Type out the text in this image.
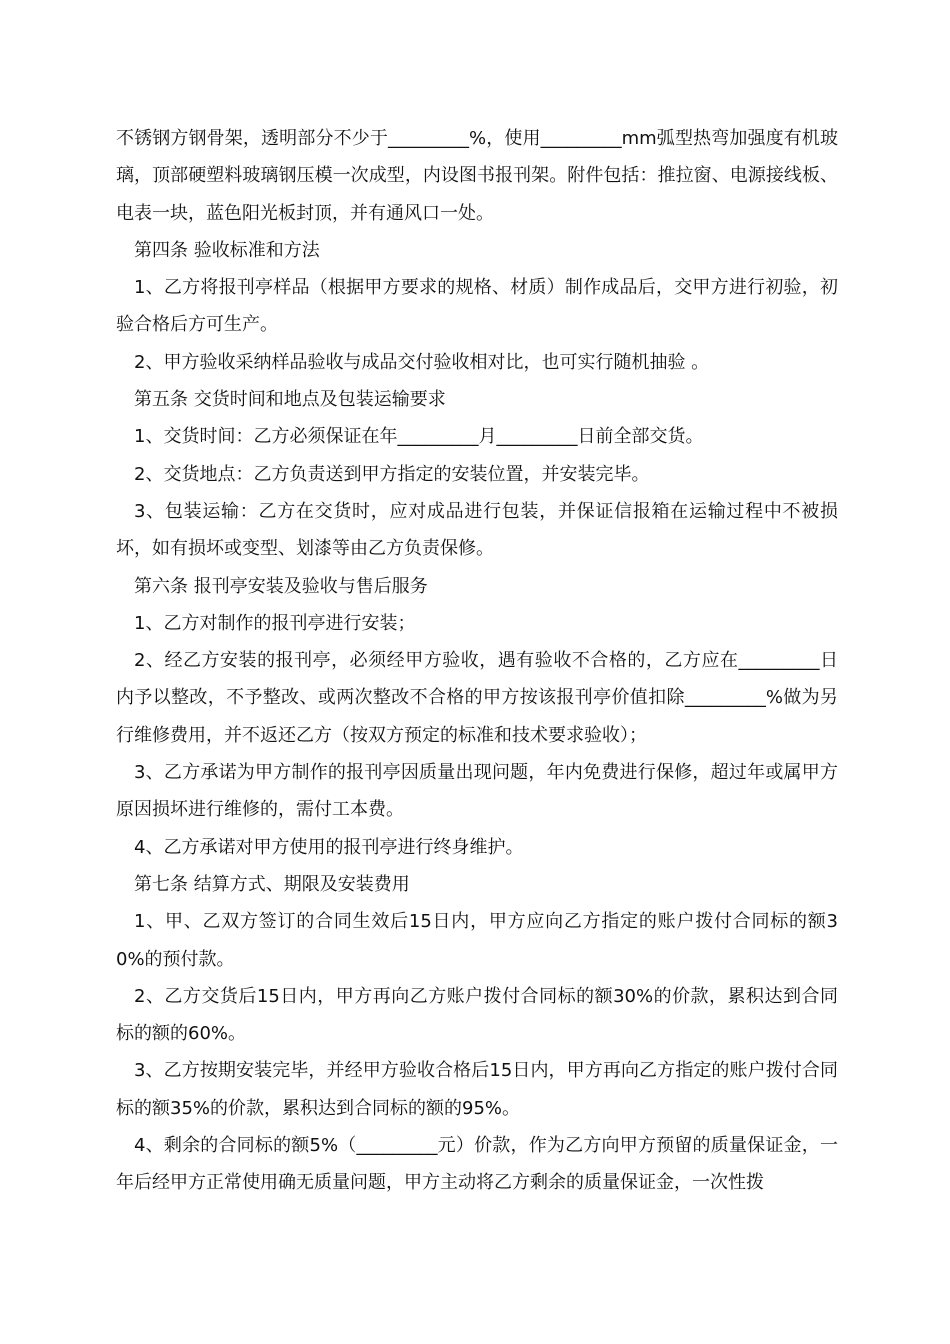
不锈钢方钢骨架，透明部分不少于_________%，使用_________mm弧型热弯加强度有机玻璃，顶部硬塑料玻璃钢压模一次成型，内设图书报刊架。附件包括：推拉窗、电源接线板、电表一块，蓝色阳光板封顶，并有通风口一处。

第四条 验收标准和方法

1、乙方将报刊亭样品（根据甲方要求的规格、材质）制作成品后，交甲方进行初验，初验合格后方可生产。

2、甲方验收采纳样品验收与成品交付验收相对比，也可实行随机抽验 。

第五条 交货时间和地点及包装运输要求

1、交货时间：乙方必须保证在年_________月_________日前全部交货。

2、交货地点：乙方负责送到甲方指定的安装位置，并安装完毕。

3、包装运输：乙方在交货时，应对成品进行包装，并保证信报箱在运输过程中不被损坏，如有损坏或变型、划漆等由乙方负责保修。

第六条 报刊亭安装及验收与售后服务

1、乙方对制作的报刊亭进行安装；

2、经乙方安装的报刊亭，必须经甲方验收，遇有验收不合格的，乙方应在_________日内予以整改，不予整改、或两次整改不合格的甲方按该报刊亭价值扣除_________%做为另行维修费用，并不返还乙方（按双方预定的标准和技术要求验收）；

3、乙方承诺为甲方制作的报刊亭因质量出现问题，年内免费进行保修，超过年或属甲方原因损坏进行维修的，需付工本费。

4、乙方承诺对甲方使用的报刊亭进行终身维护。

第七条 结算方式、期限及安装费用

1、甲、乙双方签订的合同生效后15日内，甲方应向乙方指定的账户拨付合同标的额30%的预付款。

2、乙方交货后15日内，甲方再向乙方账户拨付合同标的额30%的价款，累积达到合同标的额的60%。

3、乙方按期安装完毕，并经甲方验收合格后15日内，甲方再向乙方指定的账户拨付合同标的额35%的价款，累积达到合同标的额的95%。

4、剩余的合同标的额5%（_________元）价款，作为乙方向甲方预留的质量保证金，一年后经甲方正常使用确无质量问题，甲方主动将乙方剩余的质量保证金，一次性拨
